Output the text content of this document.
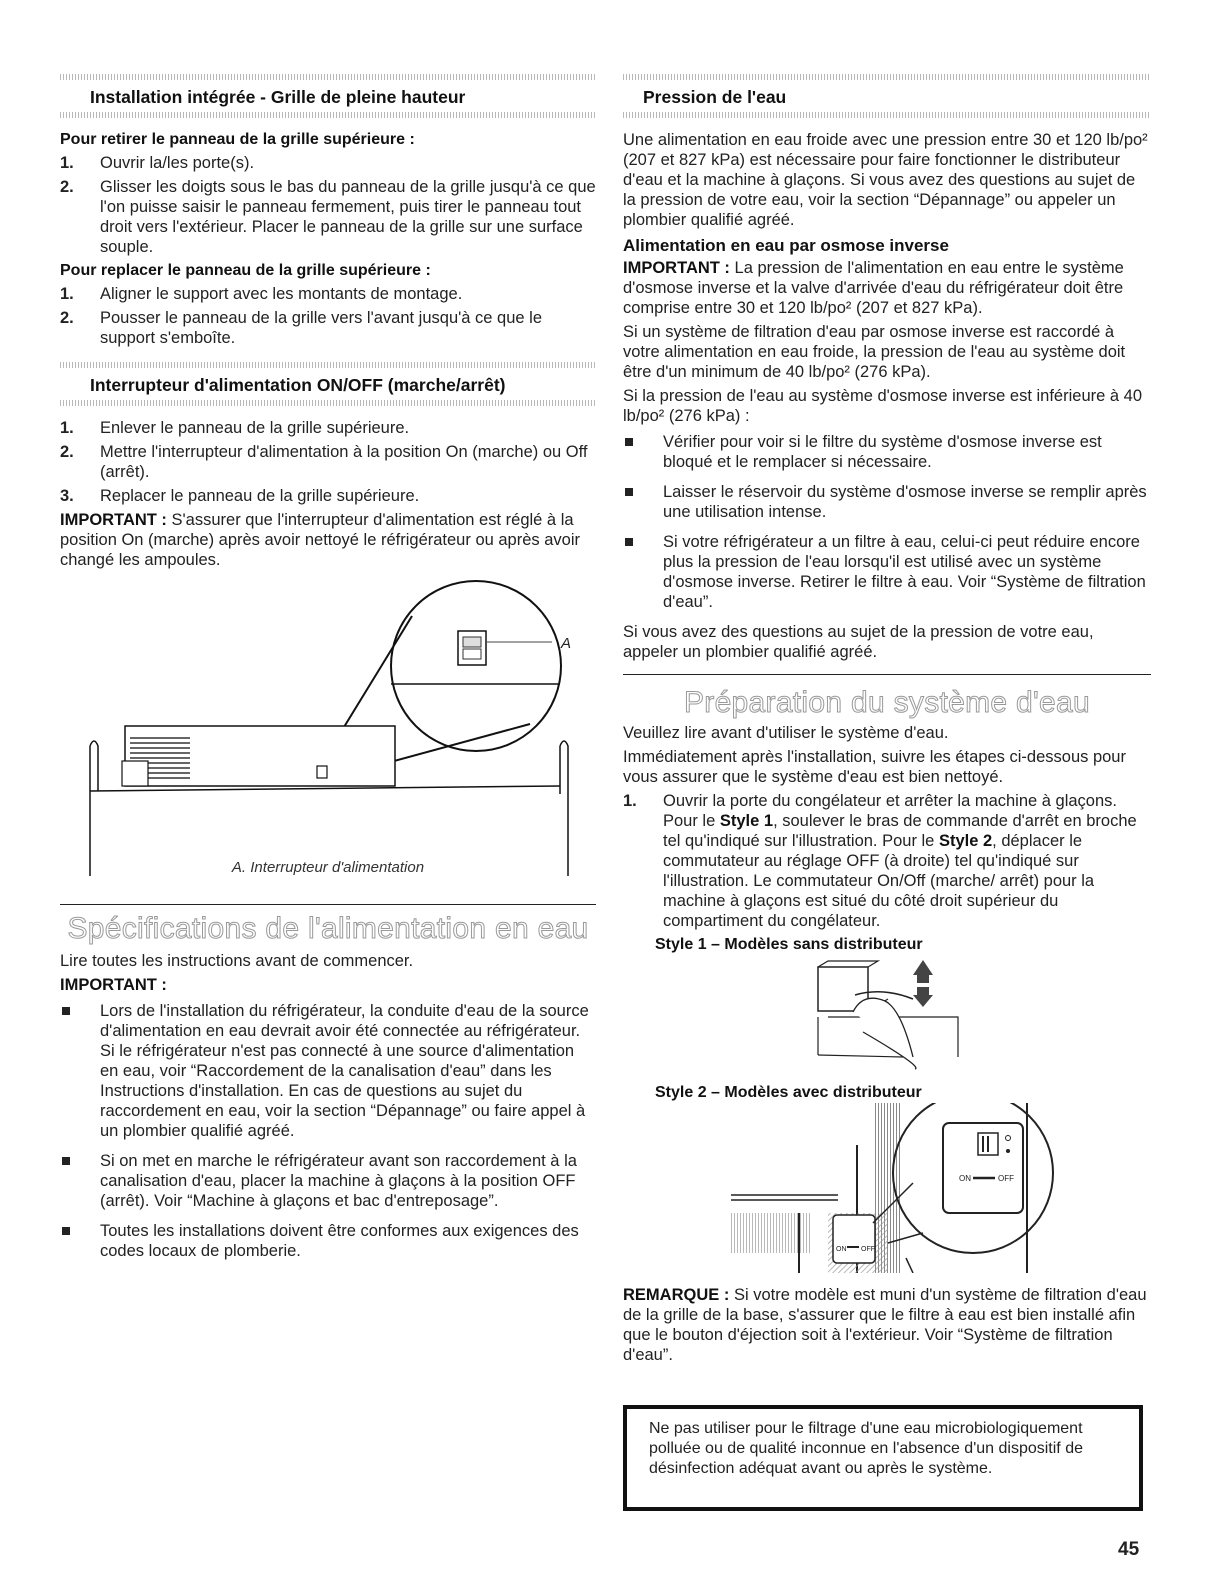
Installation intégrée - Grille de pleine hauteur
Pour retirer le panneau de la grille supérieure :
1. Ouvrir la/les porte(s).
2. Glisser les doigts sous le bas du panneau de la grille jusqu'à ce que l'on puisse saisir le panneau fermement, puis tirer le panneau tout droit vers l'extérieur. Placer le panneau de la grille sur une surface souple.
Pour replacer le panneau de la grille supérieure :
1. Aligner le support avec les montants de montage.
2. Pousser le panneau de la grille vers l'avant jusqu'à ce que le support s'emboîte.
Interrupteur d'alimentation ON/OFF (marche/arrêt)
1. Enlever le panneau de la grille supérieure.
2. Mettre l'interrupteur d'alimentation à la position On (marche) ou Off (arrêt).
3. Replacer le panneau de la grille supérieure.

IMPORTANT : S'assurer que l'interrupteur d'alimentation est réglé à la position On (marche) après avoir nettoyé le réfrigérateur ou après avoir changé les ampoules.

A
A. Interrupteur d'alimentation
Spécifications de l'alimentation en eau

Lire toutes les instructions avant de commencer.

IMPORTANT :
Lors de l'installation du réfrigérateur, la conduite d'eau de la source d'alimentation en eau devrait avoir été connectée au réfrigérateur. Si le réfrigérateur n'est pas connecté à une source d'alimentation en eau, voir “Raccordement de la canalisation d'eau” dans les Instructions d'installation. En cas de questions au sujet du raccordement en eau, voir la section “Dépannage” ou faire appel à un plombier qualifié agréé.
Si on met en marche le réfrigérateur avant son raccordement à la canalisation d'eau, placer la machine à glaçons à la position OFF (arrêt). Voir “Machine à glaçons et bac d'entreposage”.
Toutes les installations doivent être conformes aux exigences des codes locaux de plomberie.
Pression de l'eau

Une alimentation en eau froide avec une pression entre 30 et 120 lb/po² (207 et 827 kPa) est nécessaire pour faire fonctionner le distributeur d'eau et la machine à glaçons. Si vous avez des questions au sujet de la pression de votre eau, voir la section “Dépannage” ou appeler un plombier qualifié agréé.

Alimentation en eau par osmose inverse

IMPORTANT : La pression de l'alimentation en eau entre le système d'osmose inverse et la valve d'arrivée d'eau du réfrigérateur doit être comprise entre 30 et 120 lb/po² (207 et 827 kPa).

Si un système de filtration d'eau par osmose inverse est raccordé à votre alimentation en eau froide, la pression de l'eau au système doit être d'un minimum de 40 lb/po² (276 kPa).

Si la pression de l'eau au système d'osmose inverse est inférieure à 40 lb/po² (276 kPa) :

Vérifier pour voir si le filtre du système d'osmose inverse est bloqué et le remplacer si nécessaire.
Laisser le réservoir du système d'osmose inverse se remplir après une utilisation intense.
Si votre réfrigérateur a un filtre à eau, celui-ci peut réduire encore plus la pression de l'eau lorsqu'il est utilisé avec un système d'osmose inverse. Retirer le filtre à eau. Voir “Système de filtration d'eau”.

Si vous avez des questions au sujet de la pression de votre eau, appeler un plombier qualifié agréé.

Préparation du système d'eau

Veuillez lire avant d'utiliser le système d'eau.

Immédiatement après l'installation, suivre les étapes ci-dessous pour vous assurer que le système d'eau est bien nettoyé.

1. Ouvrir la porte du congélateur et arrêter la machine à glaçons. Pour le Style 1, soulever le bras de commande d'arrêt en broche tel qu'indiqué sur l'illustration. Pour le Style 2, déplacer le commutateur au réglage OFF (à droite) tel qu'indiqué sur l'illustration. Le commutateur On/Off (marche/ arrêt) pour la machine à glaçons est situé du côté droit supérieur du compartiment du congélateur.
Style 1 – Modèles sans distributeur
Style 2 – Modèles avec distributeur
ON OFF
ON	OFF

REMARQUE : Si votre modèle est muni d'un système de filtration d'eau de la grille de la base, s'assurer que le filtre à eau est bien installé afin que le bouton d'éjection soit à l'extérieur. Voir “Système de filtration d'eau”.

Ne pas utiliser pour le filtrage d'une eau microbiologiquement polluée ou de qualité inconnue en l'absence d'un dispositif de désinfection adéquat avant ou après le système.
45
